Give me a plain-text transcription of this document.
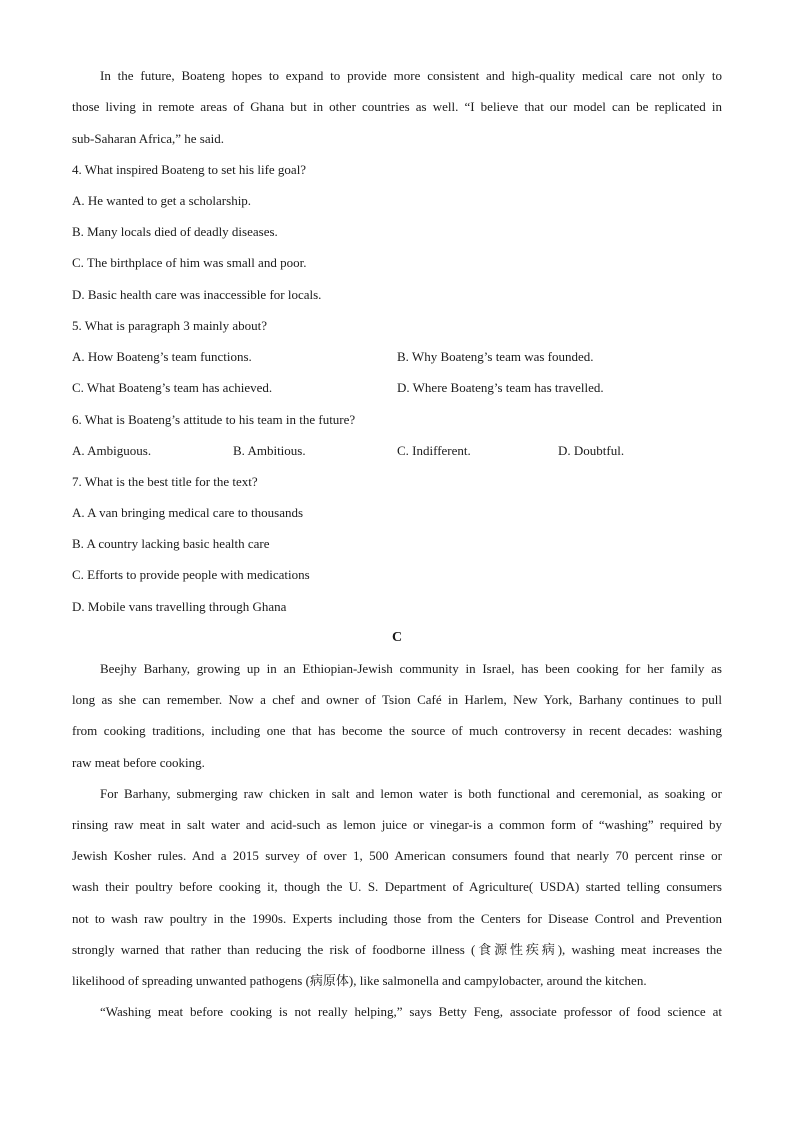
In the future, Boateng hopes to expand to provide more consistent and high-quality medical care not only to
those living in remote areas of Ghana but in other countries as well. “I believe that our model can be replicated in
sub-Saharan Africa,” he said.
4. What inspired Boateng to set his life goal?
A. He wanted to get a scholarship.
B. Many locals died of deadly diseases.
C. The birthplace of him was small and poor.
D. Basic health care was inaccessible for locals.
5. What is paragraph 3 mainly about?
A. How Boateng’s team functions.	B. Why Boateng’s team was founded.
C. What Boateng’s team has achieved.	D. Where Boateng’s team has travelled.
6. What is Boateng’s attitude to his team in the future?
A. Ambiguous.	B. Ambitious.	C. Indifferent.	D. Doubtful.
7. What is the best title for the text?
A. A van bringing medical care to thousands
B. A country lacking basic health care
C. Efforts to provide people with medications
D. Mobile vans travelling through Ghana
C
Beejhy Barhany, growing up in an Ethiopian-Jewish community in Israel, has been cooking for her family as
long as she can remember. Now a chef and owner of Tsion Café in Harlem, New York, Barhany continues to pull
from cooking traditions, including one that has become the source of much controversy in recent decades: washing
raw meat before cooking.
For Barhany, submerging raw chicken in salt and lemon water is both functional and ceremonial, as soaking or
rinsing raw meat in salt water and acid-such as lemon juice or vinegar-is a common form of “washing” required by
Jewish Kosher rules. And a 2015 survey of over 1, 500 American consumers found that nearly 70 percent rinse or
wash their poultry before cooking it, though the U. S. Department of Agriculture( USDA) started telling consumers
not to wash raw poultry in the 1990s. Experts including those from the Centers for Disease Control and Prevention
strongly warned that rather than reducing the risk of foodborne illness (食源性疾病), washing meat increases the
likelihood of spreading unwanted pathogens (病原体), like salmonella and campylobacter, around the kitchen.
“Washing meat before cooking is not really helping,” says Betty Feng, associate professor of food science at
